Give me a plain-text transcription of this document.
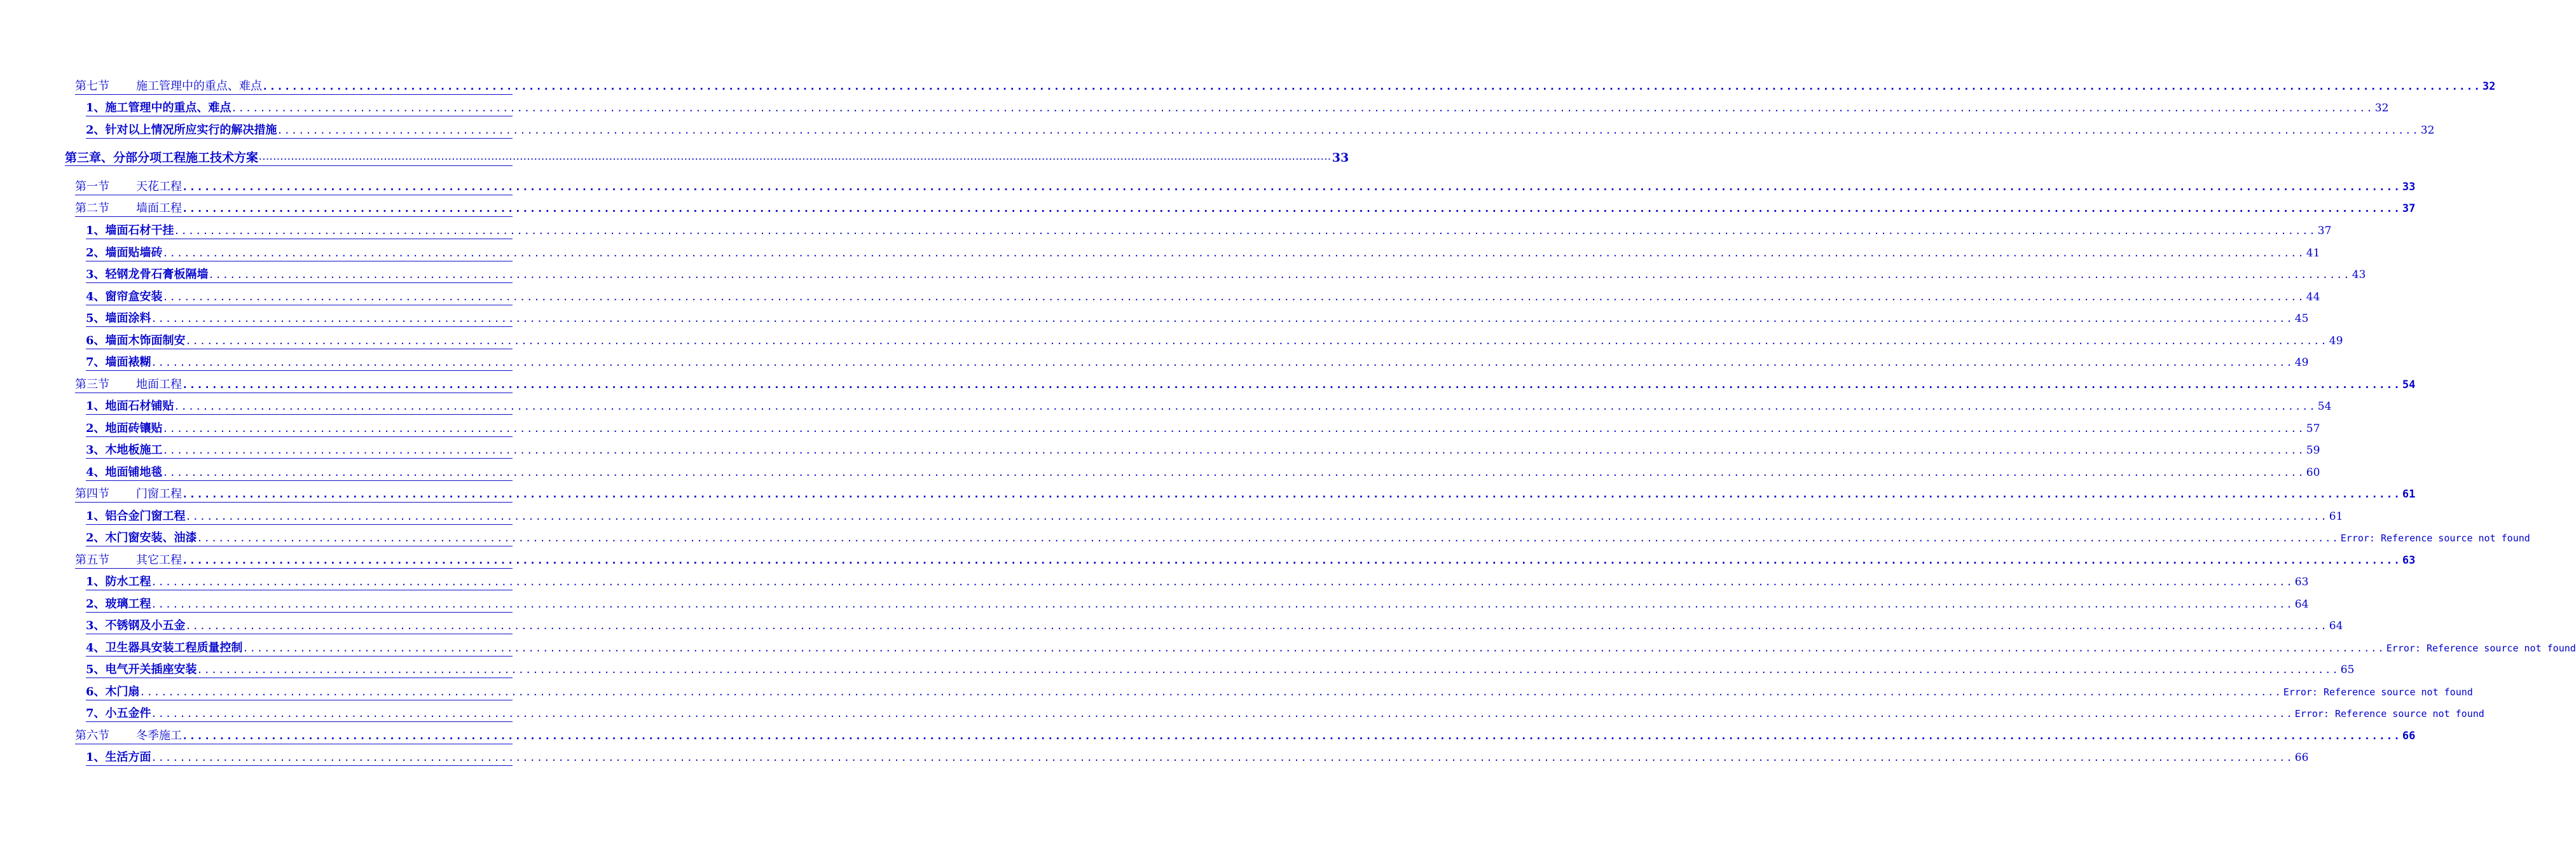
第七节 施工管理中的重点、难点 ............................................................................................................................................................................................................................................................................................................ 32
1、施工管理中的重点、难点 ............................................................................................................................................................................................................................................................................................................ 32
2、针对以上情况所应实行的解决措施 ............................................................................................................................................................................................................................................................................................................ 32
第三章、分部分项工程施工技术方案 ............................................................................................................................................................................................................................................................................................................ 33
第一节 天花工程 ............................................................................................................................................................................................................................................................................................................ 33
第二节 墙面工程 ............................................................................................................................................................................................................................................................................................................ 37
1、墙面石材干挂 ............................................................................................................................................................................................................................................................................................................ 37
2、墙面贴墙砖 ............................................................................................................................................................................................................................................................................................................ 41
3、轻钢龙骨石膏板隔墙 ............................................................................................................................................................................................................................................................................................................ 43
4、窗帘盒安装 ............................................................................................................................................................................................................................................................................................................ 44
5、墙面涂料 ............................................................................................................................................................................................................................................................................................................ 45
6、墙面木饰面制安 ............................................................................................................................................................................................................................................................................................................ 49
7、墙面裱糊 ............................................................................................................................................................................................................................................................................................................ 49
第三节 地面工程 ............................................................................................................................................................................................................................................................................................................ 54
1、地面石材铺贴 ............................................................................................................................................................................................................................................................................................................ 54
2、地面砖镶贴 ............................................................................................................................................................................................................................................................................................................ 57
3、木地板施工 ............................................................................................................................................................................................................................................................................................................ 59
4、地面铺地毯 ............................................................................................................................................................................................................................................................................................................ 60
第四节 门窗工程 ............................................................................................................................................................................................................................................................................................................ 61
1、铝合金门窗工程 ............................................................................................................................................................................................................................................................................................................ 61
2、木门窗安装、油漆 ............................................................................................................................................................................................................................................................................................................ Error: Reference source not found
第五节 其它工程 ............................................................................................................................................................................................................................................................................................................ 63
1、防水工程 ............................................................................................................................................................................................................................................................................................................ 63
2、玻璃工程 ............................................................................................................................................................................................................................................................................................................ 64
3、不锈钢及小五金 ............................................................................................................................................................................................................................................................................................................ 64
4、卫生器具安装工程质量控制 ............................................................................................................................................................................................................................................................................................................ Error: Reference source not found
5、电气开关插座安装 ............................................................................................................................................................................................................................................................................................................ 65
6、木门扇 ............................................................................................................................................................................................................................................................................................................ Error: Reference source not found
7、小五金件 ............................................................................................................................................................................................................................................................................................................ Error: Reference source not found
第六节 冬季施工 ............................................................................................................................................................................................................................................................................................................ 66
1、生活方面 ............................................................................................................................................................................................................................................................................................................ 66
